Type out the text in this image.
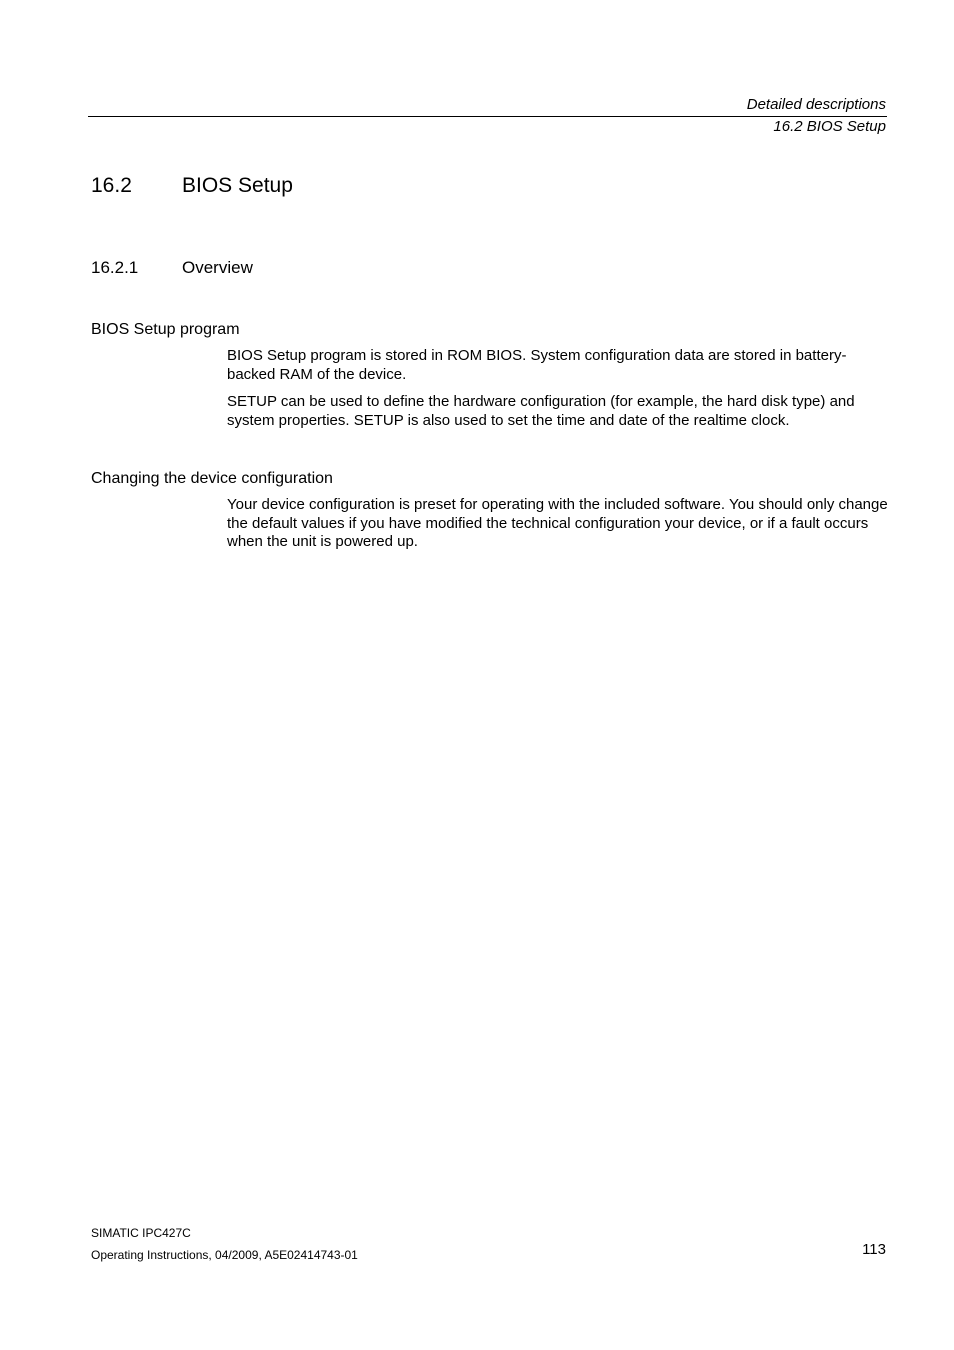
Detailed descriptions
16.2 BIOS Setup
16.2 BIOS Setup
16.2.1	Overview
BIOS Setup program

BIOS Setup program is stored in ROM BIOS. System configuration data are stored in battery-backed RAM of the device.

SETUP can be used to define the hardware configuration (for example, the hard disk type) and system properties. SETUP is also used to set the time and date of the realtime clock.

Changing the device configuration

Your device configuration is preset for operating with the included software. You should only change the default values if you have modified the technical configuration your device, or if a fault occurs when the unit is powered up.

SIMATIC IPC427C
Operating Instructions, 04/2009, A5E02414743-01	113
